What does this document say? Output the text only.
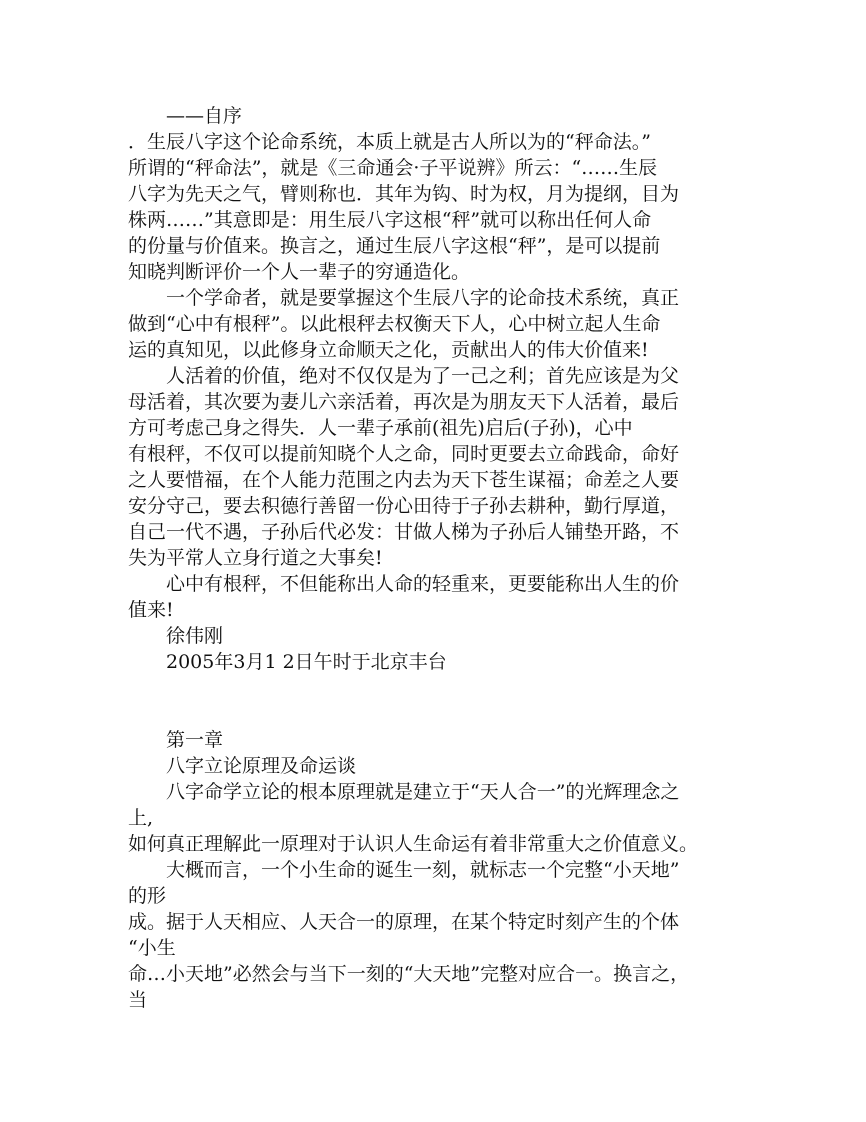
——自序

．生辰八字这个论命系统，本质上就是古人所以为的“秤命法。”

所谓的“秤命法”，就是《三命通会·子平说辨》所云：“……生辰

八字为先天之气，臂则称也．其年为钩、时为权，月为提纲，目为

株两……”其意即是：用生辰八字这根“秤”就可以称出任何人命

的份量与价值来。换言之，通过生辰八字这根“秤”，是可以提前

知晓判断评价一个人一辈子的穷通造化。

一个学命者，就是要掌握这个生辰八字的论命技术系统，真正

做到“心中有根秤”。以此根秤去权衡天下人，心中树立起人生命

运的真知见，以此修身立命顺天之化，贡献出人的伟大价值来!

人活着的价值，绝对不仅仅是为了一己之利；首先应该是为父

母活着，其次要为妻儿六亲活着，再次是为朋友天下人活着，最后

方可考虑己身之得失．人一辈子承前(祖先)启后(子孙)，心中

有根秤，不仅可以提前知晓个人之命，同时更要去立命践命，命好

之人要惜福，在个人能力范围之内去为天下苍生谋福；命差之人要

安分守己，要去积德行善留一份心田待于子孙去耕种，勤行厚道，

自己一代不遇，子孙后代必发：甘做人梯为子孙后人铺垫开路，不

失为平常人立身行道之大事矣!

心中有根秤，不但能称出人命的轻重来，更要能称出人生的价

值来!

徐伟刚

2005年3月1 2日午时于北京丰台

第一章

八字立论原理及命运谈

八字命学立论的根本原理就是建立于“天人合一”的光辉理念之

上,

如何真正理解此一原理对于认识人生命运有着非常重大之价值意义。

大概而言，一个小生命的诞生一刻，就标志一个完整“小天地”

的形

成。据于人天相应、人天合一的原理，在某个特定时刻产生的个体

“小生

命…小天地”必然会与当下一刻的“大天地”完整对应合一。换言之，

当
